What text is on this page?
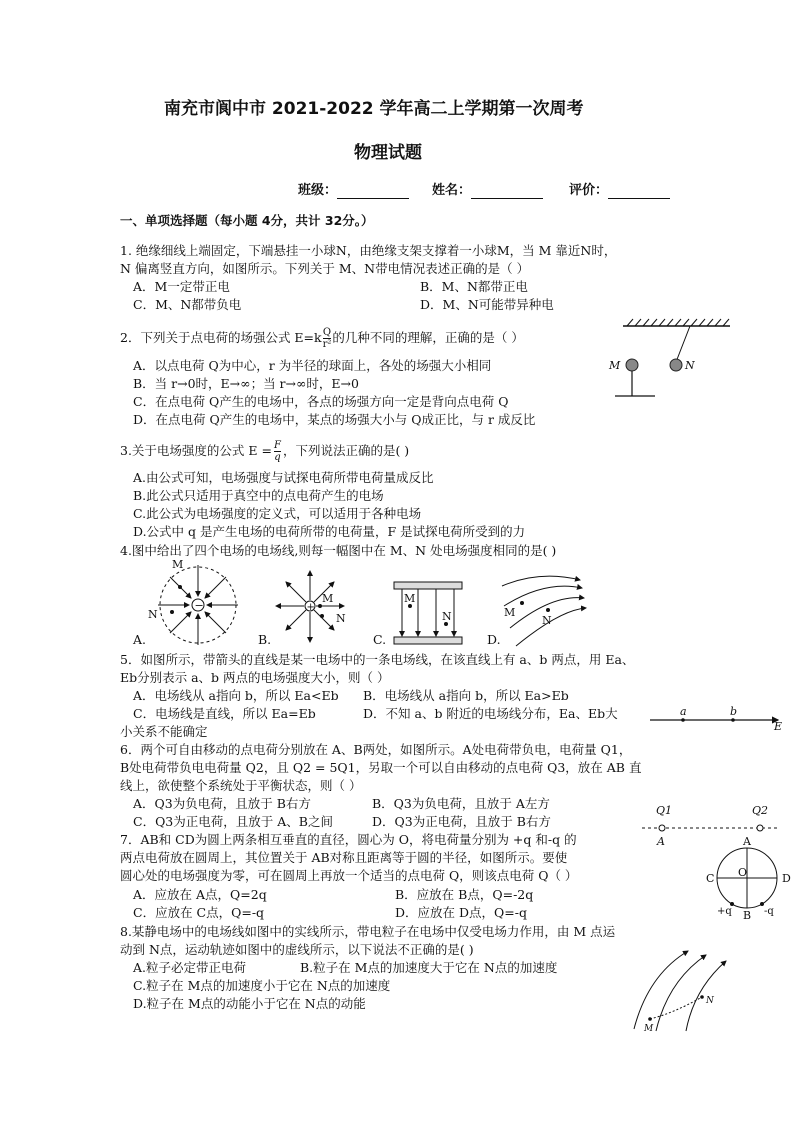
南充市阆中市 2021-2022 学年高二上学期第一次周考
物理试题
班级：	姓名：	评价：
一、单项选择题（每小题 4分，共计 32分。）
1. 绝缘细线上端固定，下端悬挂一小球N，由绝缘支架支撑着一小球M，当 M 靠近N时，
N 偏离竖直方向，如图所示。下列关于 M、N带电情况表述正确的是（ ）
A．M一定带正电	B．M、N都带正电
C．M、N都带负电	D．M、N可能带异种电
N
M
2．下列关于点电荷的场强公式 $E=k \frac{Q}{\text{r²}}$ 的几种不同的理解，正确的是（ ）
A．以点电荷 Q为中心，r 为半径的球面上，各处的场强大小相同
B．当 r→0时，E→∞；当 r→∞时，E→0
C．在点电荷 Q产生的电场中，各点的场强方向一定是背向点电荷 Q
D．在点电荷 Q产生的电场中，某点的场强大小与 Q成正比，与 r 成反比
3.关于电场强度的公式 $E = \frac{F}{q}$ ，下列说法正确的是( )
A.由公式可知，电场强度与试探电荷所带电荷量成反比
B.此公式只适用于真空中的点电荷产生的电场
C.此公式为电场强度的定义式，可以适用于各种电场
D.公式中 q 是产生电场的电荷所带的电荷量，F 是试探电荷所受到的力
4.图中给出了四个电场的电场线,则每一幅图中在 M、N 处电场强度相同的是( )
−
M
N
A.
+
M
N
B.
M
N
C.
M
N
D.
5．如图所示，带箭头的直线是某一电场中的一条电场线，在该直线上有 a、b 两点，用 Ea、
Eb分别表示 a、b 两点的电场强度大小，则（ ）
A．电场线从 a指向 b，所以 Ea<Eb B．电场线从 a指向 b，所以 Ea>Eb
C．电场线是直线，所以 Ea=Eb	D．不知 a、b 附近的电场线分布，Ea、Eb大
小关系不能确定
a	b
E
6．两个可自由移动的点电荷分别放在 A、B两处，如图所示。A处电荷带负电，电荷量 Q1，
B处电荷带负电电荷量 Q2，且 Q2 = 5Q1，另取一个可以自由移动的点电荷 Q3，放在 AB 直
线上，欲使整个系统处于平衡状态，则（ ）
A．Q3为负电荷，且放于 B右方	B．Q3为负电荷，且放于 A左方
C．Q3为正电荷，且放于 A、B之间	D．Q3为正电荷，且放于 B右方
Q1	Q2
A
7．AB和 CD为圆上两条相互垂直的直径，圆心为 O，将电荷量分别为 +q 和-q 的
两点电荷放在圆周上，其位置关于 AB对称且距离等于圆的半径，如图所示。要使
圆心处的电场强度为零，可在圆周上再放一个适当的点电荷 Q，则该点电荷 Q（ ）
A．应放在 A点，Q=2q	B．应放在 B点，Q=-2q
C．应放在 C点，Q=-q	D．应放在 D点，Q=-q
A
B
C	D
O
+q	-q
8.某静电场中的电场线如图中的实线所示，带电粒子在电场中仅受电场力作用，由 M 点运
动到 N点，运动轨迹如图中的虚线所示，以下说法不正确的是( )
A.粒子必定带正电荷	B.粒子在 M点的加速度大于它在 N点的加速度
C.粒子在 M点的加速度小于它在 N点的加速度
D.粒子在 M点的动能小于它在 N点的动能
M
N
